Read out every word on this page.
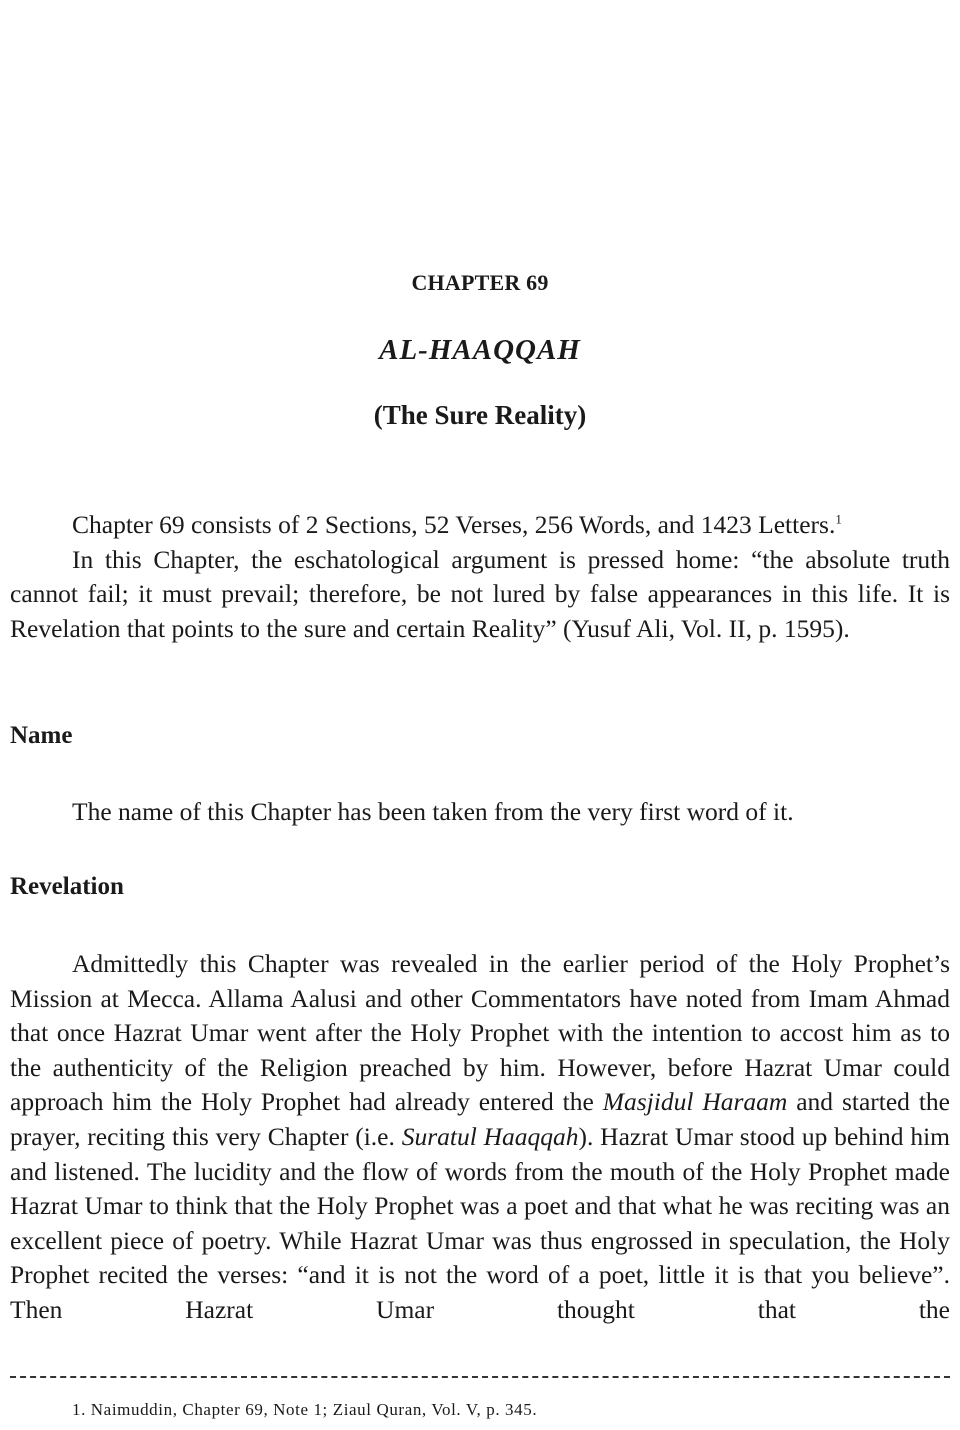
CHAPTER 69
AL-HAAQQAH
(The Sure Reality)

Chapter 69 consists of 2 Sections, 52 Verses, 256 Words, and 1423 Letters.$^1$

In this Chapter, the eschatological argument is pressed home: “the absolute truth cannot fail; it must prevail; therefore, be not lured by false appearances in this life. It is Revelation that points to the sure and certain Reality” (Yusuf Ali, Vol. II, p. 1595).

Name

The name of this Chapter has been taken from the very first word of it.

Revelation

Admittedly this Chapter was revealed in the earlier period of the Holy Prophet’s Mission at Mecca. Allama Aalusi and other Commentators have noted from Imam Ahmad that once Hazrat Umar went after the Holy Prophet with the intention to accost him as to the authenticity of the Religion preached by him. However, before Hazrat Umar could approach him the Holy Prophet had already entered the Masjidul Haraam and started the prayer, reciting this very Chapter (i.e. Suratul Haaqqah). Hazrat Umar stood up behind him and listened. The lucidity and the flow of words from the mouth of the Holy Prophet made Hazrat Umar to think that the Holy Prophet was a poet and that what he was reciting was an excellent piece of poetry. While Hazrat Umar was thus engrossed in speculation, the Holy Prophet recited the verses: “and it is not the word of a poet, little it is that you believe”. Then Hazrat Umar thought that the

1. Naimuddin, Chapter 69, Note 1; Ziaul Quran, Vol. V, p. 345.
